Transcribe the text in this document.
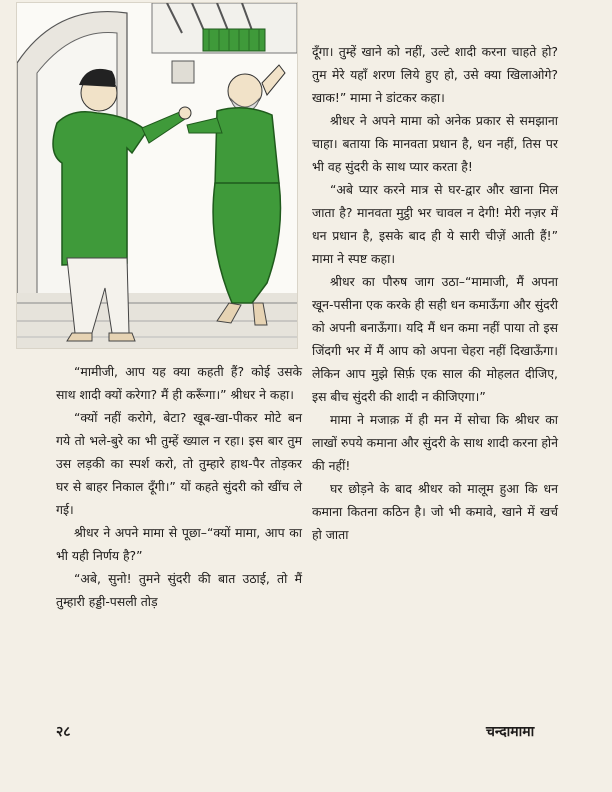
“मामीजी, आप यह क्या कहती हैं? कोई उसके साथ शादी क्यों करेगा? मैं ही करूँगा।” श्रीधर ने कहा।

“क्यों नहीं करोगे, बेटा? खूब-खा-पीकर मोटे बन गये तो भले-बुरे का भी तुम्हें ख्याल न रहा। इस बार तुम उस लड़की का स्पर्श करो, तो तुम्हारे हाथ-पैर तोड़कर घर से बाहर निकाल दूँगी।” यों कहते सुंदरी को खींच ले गई।

श्रीधर ने अपने मामा से पूछा–“क्यों मामा, आप का भी यही निर्णय है?”

“अबे, सुनो! तुमने सुंदरी की बात उठाई, तो मैं तुम्हारी हड्डी-पसली तोड़

दूँगा। तुम्हें खाने को नहीं, उल्टे शादी करना चाहते हो? तुम मेरे यहाँ शरण लिये हुए हो, उसे क्या खिलाओगे? खाक!” मामा ने डांटकर कहा।

श्रीधर ने अपने मामा को अनेक प्रकार से समझाना चाहा। बताया कि मानवता प्रधान है, धन नहीं, तिस पर भी वह सुंदरी के साथ प्यार करता है!

“अबे प्यार करने मात्र से घर-द्वार और खाना मिल जाता है? मानवता मुट्ठी भर चावल न देगी! मेरी नज़र में धन प्रधान है, इसके बाद ही ये सारी चीज़ें आती हैं!” मामा ने स्पष्ट कहा।

श्रीधर का पौरुष जाग उठा–“मामाजी, मैं अपना खून-पसीना एक करके ही सही धन कमाऊँगा और सुंदरी को अपनी बनाऊँगा। यदि मैं धन कमा नहीं पाया तो इस जिंदगी भर में मैं आप को अपना चेहरा नहीं दिखाऊँगा। लेकिन आप मुझे सिर्फ़ एक साल की मोहलत दीजिए, इस बीच सुंदरी की शादी न कीजिएगा।”

मामा ने मजाक़ में ही मन में सोचा कि श्रीधर का लाखों रुपये कमाना और सुंदरी के साथ शादी करना होने की नहीं!

घर छोड़ने के बाद श्रीधर को मालूम हुआ कि धन कमाना कितना कठिन है। जो भी कमावे, खाने में खर्च हो जाता

२८	चन्दामामा
